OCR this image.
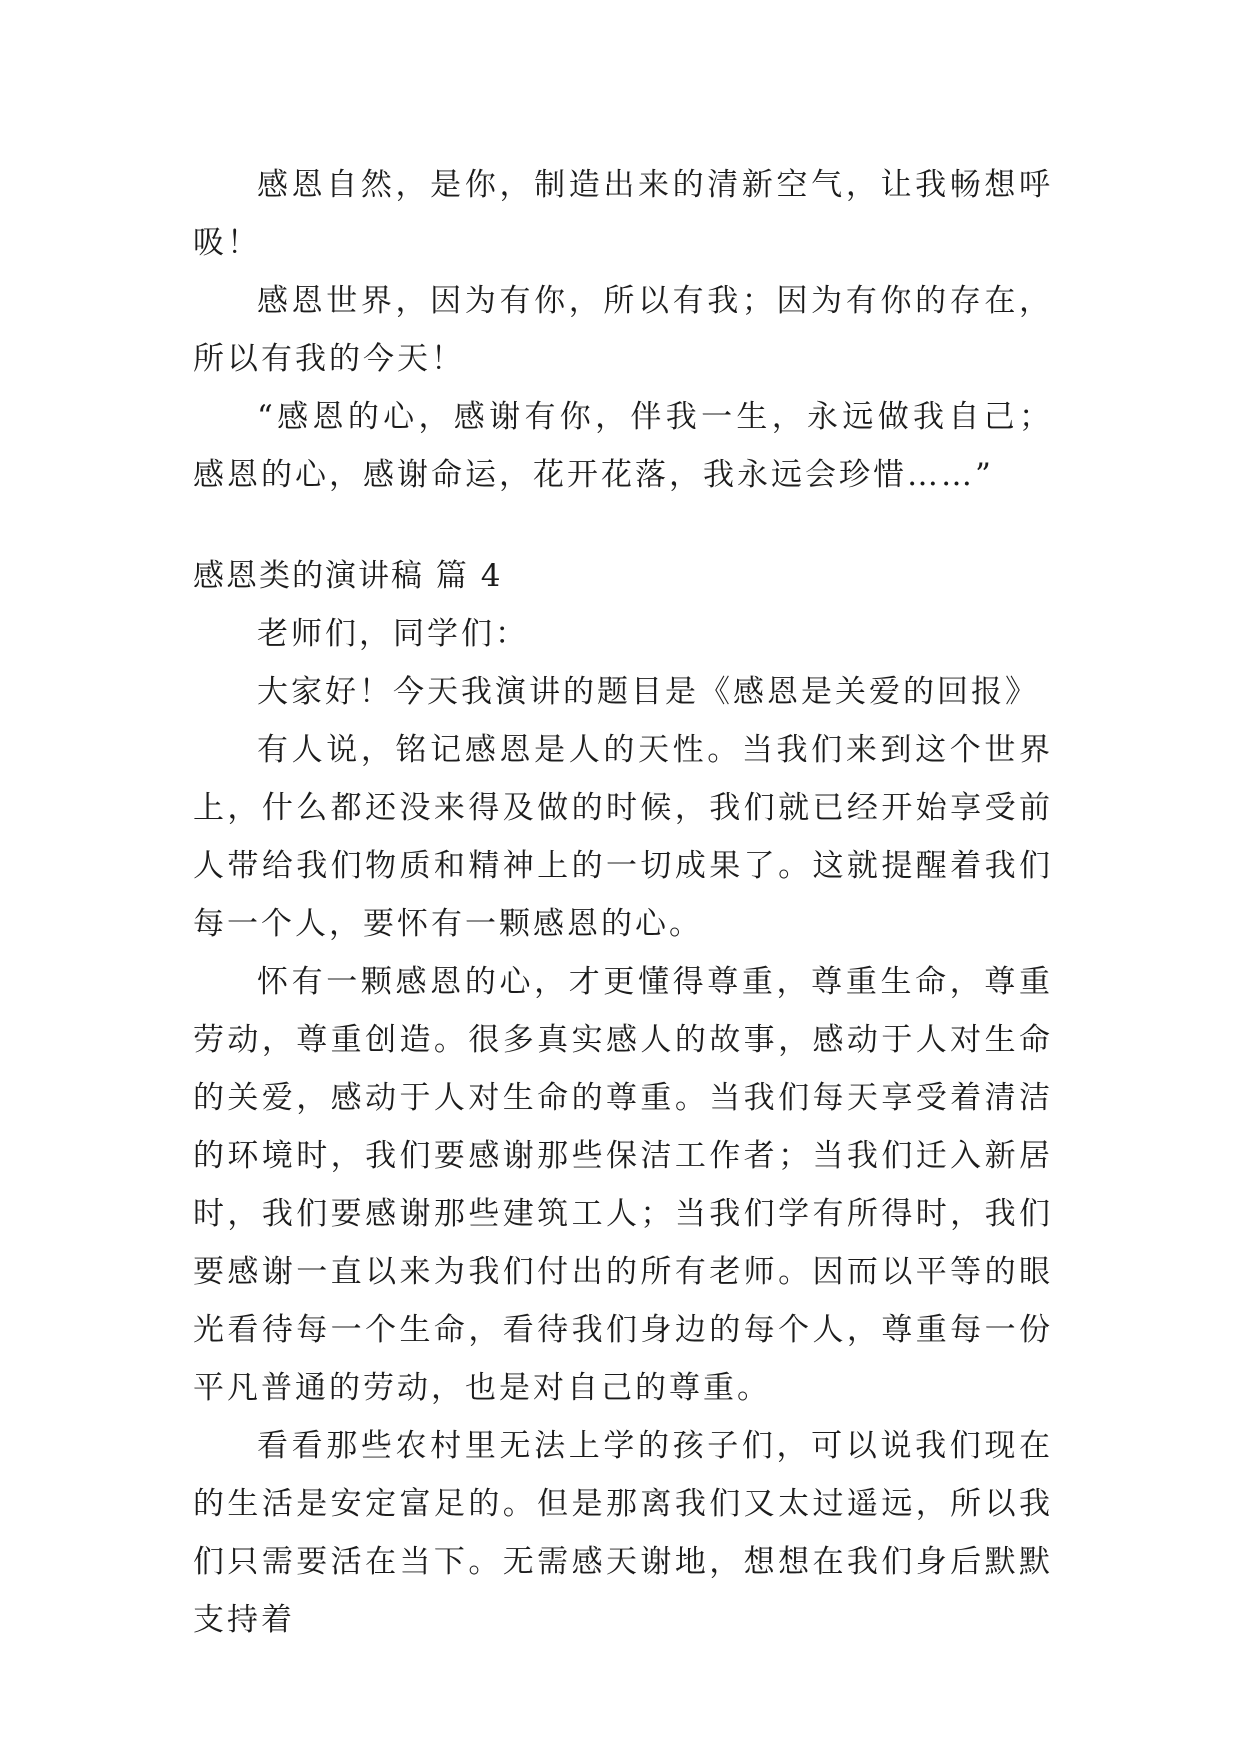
感恩自然，是你，制造出来的清新空气，让我畅想呼吸！

感恩世界，因为有你，所以有我；因为有你的存在，所以有我的今天！

“感恩的心，感谢有你，伴我一生，永远做我自己；感恩的心，感谢命运，花开花落，我永远会珍惜……”

感恩类的演讲稿 篇 4

老师们，同学们：

大家好！今天我演讲的题目是《感恩是关爱的回报》

有人说，铭记感恩是人的天性。当我们来到这个世界上，什么都还没来得及做的时候，我们就已经开始享受前人带给我们物质和精神上的一切成果了。这就提醒着我们每一个人，要怀有一颗感恩的心。

怀有一颗感恩的心，才更懂得尊重，尊重生命，尊重劳动，尊重创造。很多真实感人的故事，感动于人对生命的关爱，感动于人对生命的尊重。当我们每天享受着清洁的环境时，我们要感谢那些保洁工作者；当我们迁入新居时，我们要感谢那些建筑工人；当我们学有所得时，我们要感谢一直以来为我们付出的所有老师。因而以平等的眼光看待每一个生命，看待我们身边的每个人，尊重每一份平凡普通的劳动，也是对自己的尊重。

看看那些农村里无法上学的孩子们，可以说我们现在的生活是安定富足的。但是那离我们又太过遥远，所以我们只需要活在当下。无需感天谢地，想想在我们身后默默支持着
